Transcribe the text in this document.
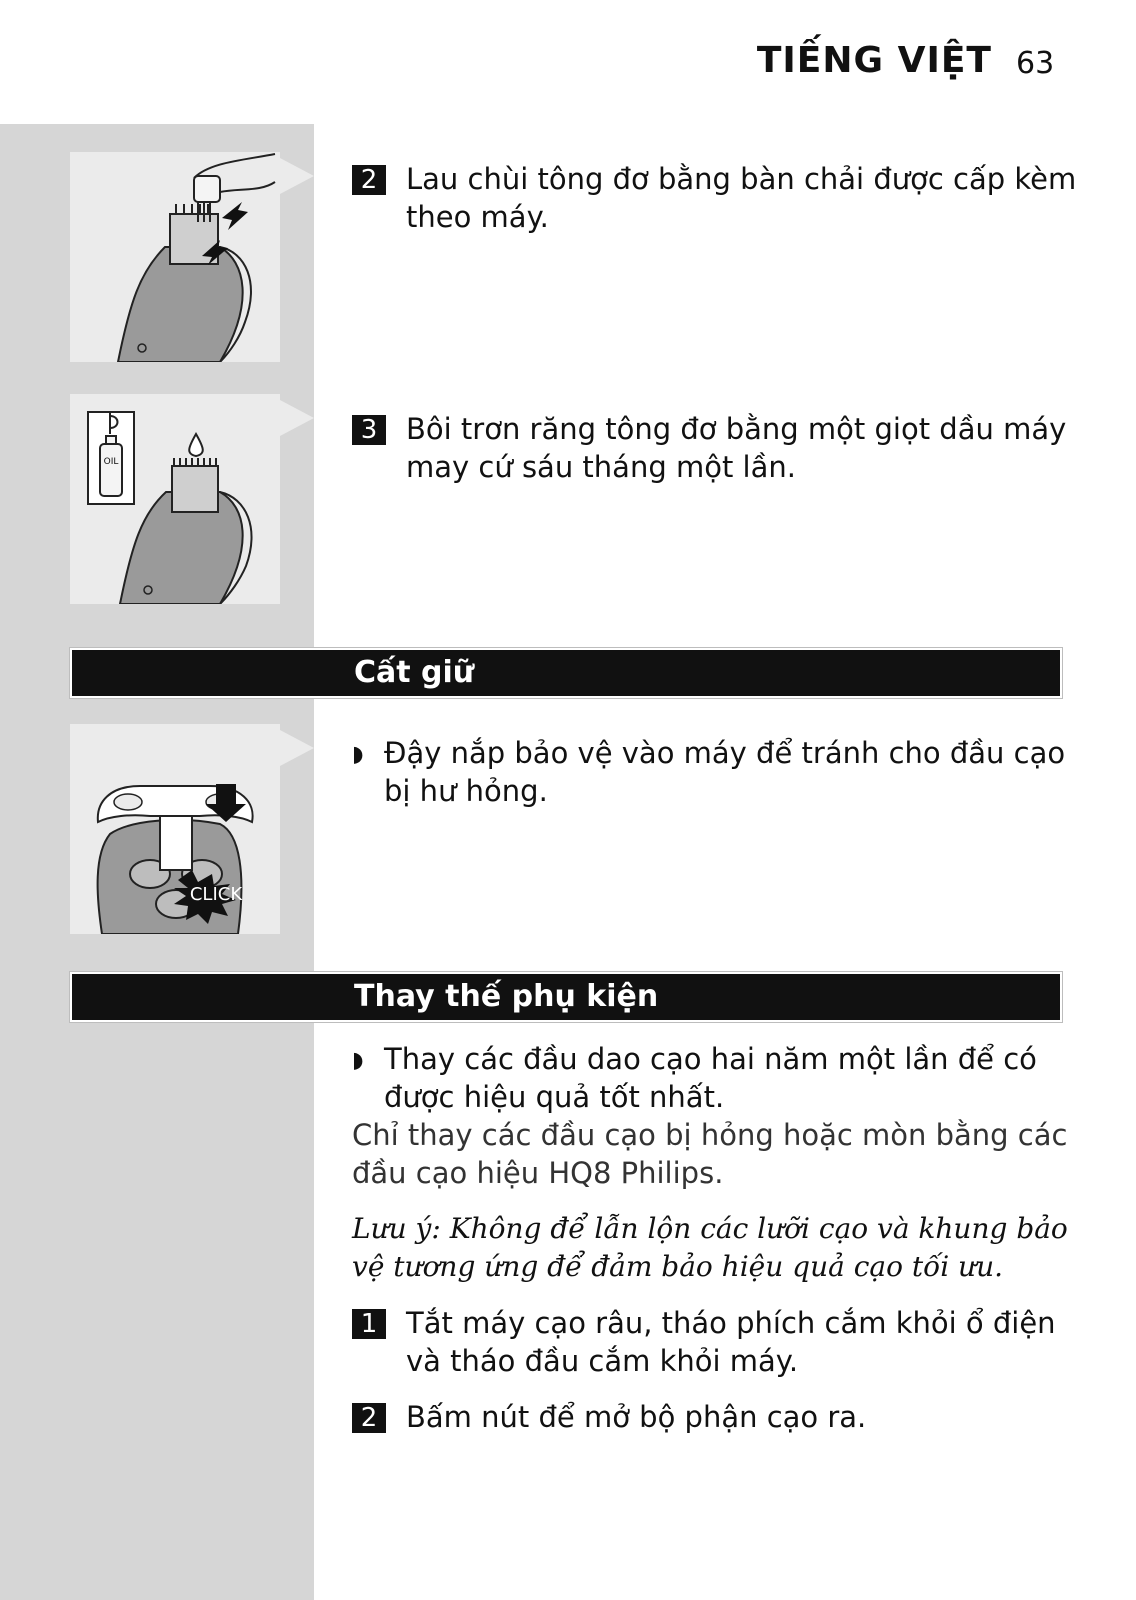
TIẾNG VIỆT 63
OIL
2 Lau chùi tông đơ bằng bàn chải được cấp kèm theo máy.
3 Bôi trơn răng tông đơ bằng một giọt dầu máy may cứ sáu tháng một lần.
Cất giữ
CLICK
◗ Đậy nắp bảo vệ vào máy để tránh cho đầu cạo bị hư hỏng.
Thay thế phụ kiện
◗ Thay các đầu dao cạo hai năm một lần để có được hiệu quả tốt nhất.
Chỉ thay các đầu cạo bị hỏng hoặc mòn bằng các đầu cạo hiệu HQ8 Philips.
Lưu ý: Không để lẫn lộn các lưỡi cạo và khung bảo vệ tương ứng để đảm bảo hiệu quả cạo tối ưu.
1 Tắt máy cạo râu, tháo phích cắm khỏi ổ điện và tháo đầu cắm khỏi máy.
2 Bấm nút để mở bộ phận cạo ra.
